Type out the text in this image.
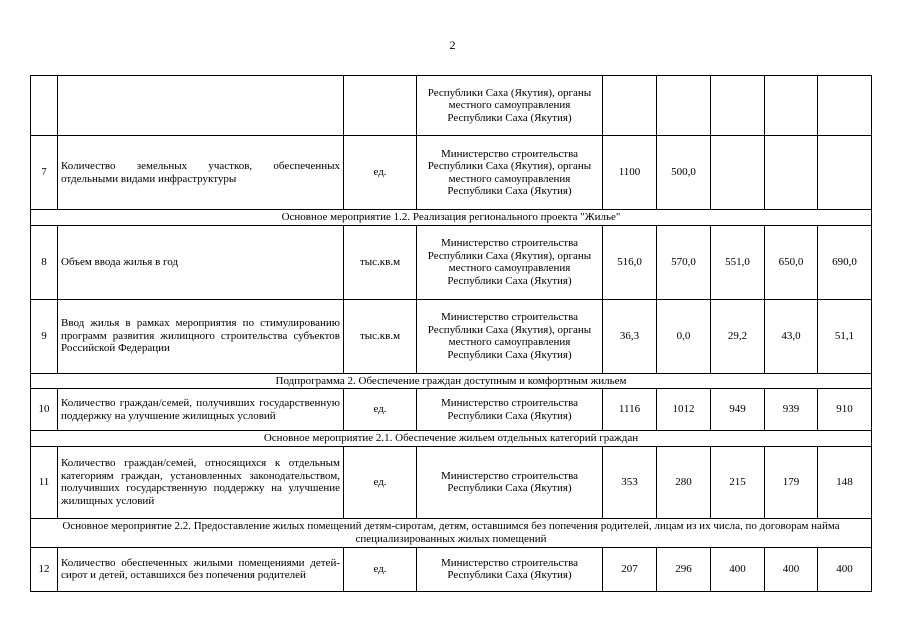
2
			Республики Саха (Якутия), органы местного самоуправления Республики Саха (Якутия)					
7	Количество земельных участков, обеспеченных отдельными видами инфраструктуры	ед.	Министерство строительства Республики Саха (Якутия), органы местного самоуправления Республики Саха (Якутия)	1100	500,0			
Основное мероприятие 1.2. Реализация регионального проекта "Жилье"								
8	Объем ввода жилья в год	тыс.кв.м	Министерство строительства Республики Саха (Якутия), органы местного самоуправления Республики Саха (Якутия)	516,0	570,0	551,0	650,0	690,0
9	Ввод жилья в рамках мероприятия по стимулированию программ развития жилищного строительства субъектов Российской Федерации	тыс.кв.м	Министерство строительства Республики Саха (Якутия), органы местного самоуправления Республики Саха (Якутия)	36,3	0,0	29,2	43,0	51,1
Подпрограмма 2. Обеспечение граждан доступным и комфортным жильем								
10	Количество граждан/семей, получивших государственную поддержку на улучшение жилищных условий	ед.	Министерство строительства Республики Саха (Якутия)	1116	1012	949	939	910
Основное мероприятие 2.1. Обеспечение жильем отдельных категорий граждан								
11	Количество граждан/семей, относящихся к отдельным категориям граждан, установленных законодательством, получивших государственную поддержку на улучшение жилищных условий	ед.	Министерство строительства Республики Саха (Якутия)	353	280	215	179	148
Основное мероприятие 2.2. Предоставление жилых помещений детям-сиротам, детям, оставшимся без попечения родителей, лицам из их числа, по договорам найма специализированных жилых помещений								
12	Количество обеспеченных жилыми помещениями детей-сирот и детей, оставшихся без попечения родителей	ед.	Министерство строительства Республики Саха (Якутия)	207	296	400	400	400
